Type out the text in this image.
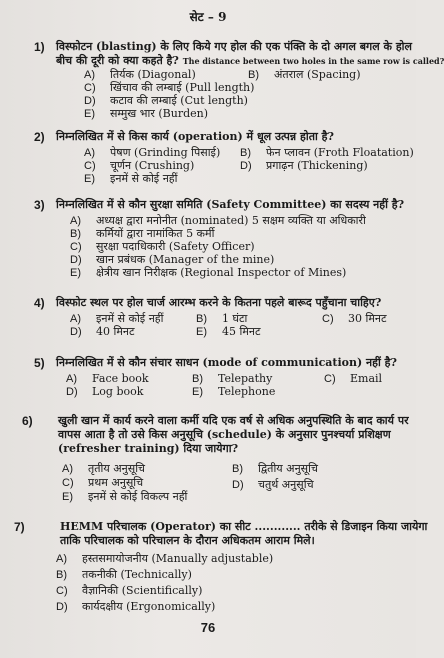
सेट – 9
1) विस्फोटन (blasting) के लिए किये गए होल की एक पंक्ति के दो अगल बगल के होल
बीच की दूरी को क्या कहते है? The distance between two holes in the same row is called?
A) तिर्यक (Diagonal)	B) अंतराल (Spacing)
C) खिंचाव की लम्बाई (Pull length)
D) कटाव की लम्बाई (Cut length)
E) सम्मुख भार (Burden)
2) निम्नलिखित में से किस कार्य (operation) में धूल उत्पन्न होता है?
A) पेषण (Grinding पिसाई) B) फेन प्लावन (Froth Floatation)
C) चूर्णन (Crushing)	D) प्रगाढ़न (Thickening)
E) इनमें से कोई नहीं
3) निम्नलिखित में से कौन सुरक्षा समिति (Safety Committee) का सदस्य नहीं है?
A) अध्यक्ष द्वारा मनोनीत (nominated) 5 सक्षम व्यक्ति या अधिकारी
B) कर्मियों द्वारा नामांकित 5 कर्मी
C) सुरक्षा पदाधिकारी (Safety Officer)
D) खान प्रबंधक (Manager of the mine)
E) क्षेत्रीय खान निरीक्षक (Regional Inspector of Mines)
4) विस्फोट स्थल पर होल चार्ज आरम्भ करने के कितना पहले बारूद पहुँचाना चाहिए?
A) इनमें से कोई नहीं	B) 1 घंटा	C) 30 मिनट
D) 40 मिनट	E) 45 मिनट
5) निम्नलिखित में से कौन संचार साधन (mode of communication) नहीं है?
A) Face book	B) Telepathy	C) Email
D) Log book	E) Telephone
6) खुली खान में कार्य करने वाला कर्मी यदि एक वर्ष से अधिक अनुपस्थिति के बाद कार्य पर
वापस आता है तो उसे किस अनुसूचि (schedule) के अनुसार पुनश्चर्या प्रशिक्षण
(refresher training) दिया जायेगा?
A) तृतीय अनुसूचि	B) द्वितीय अनुसूचि
C) प्रथम अनुसूचि	D) चतुर्थ अनुसूचि
E) इनमें से कोई विकल्प नहीं
7)	HEMM परिचालक (Operator) का सीट ............ तरीके से डिजाइन किया जायेगा
ताकि परिचालक को परिचालन के दौरान अधिकतम आराम मिले।
A) हस्तसमायोजनीय (Manually adjustable)
B) तकनीकी (Technically)
C) वैज्ञानिकी (Scientifically)
D) कार्यदक्षीय (Ergonomically)
76
